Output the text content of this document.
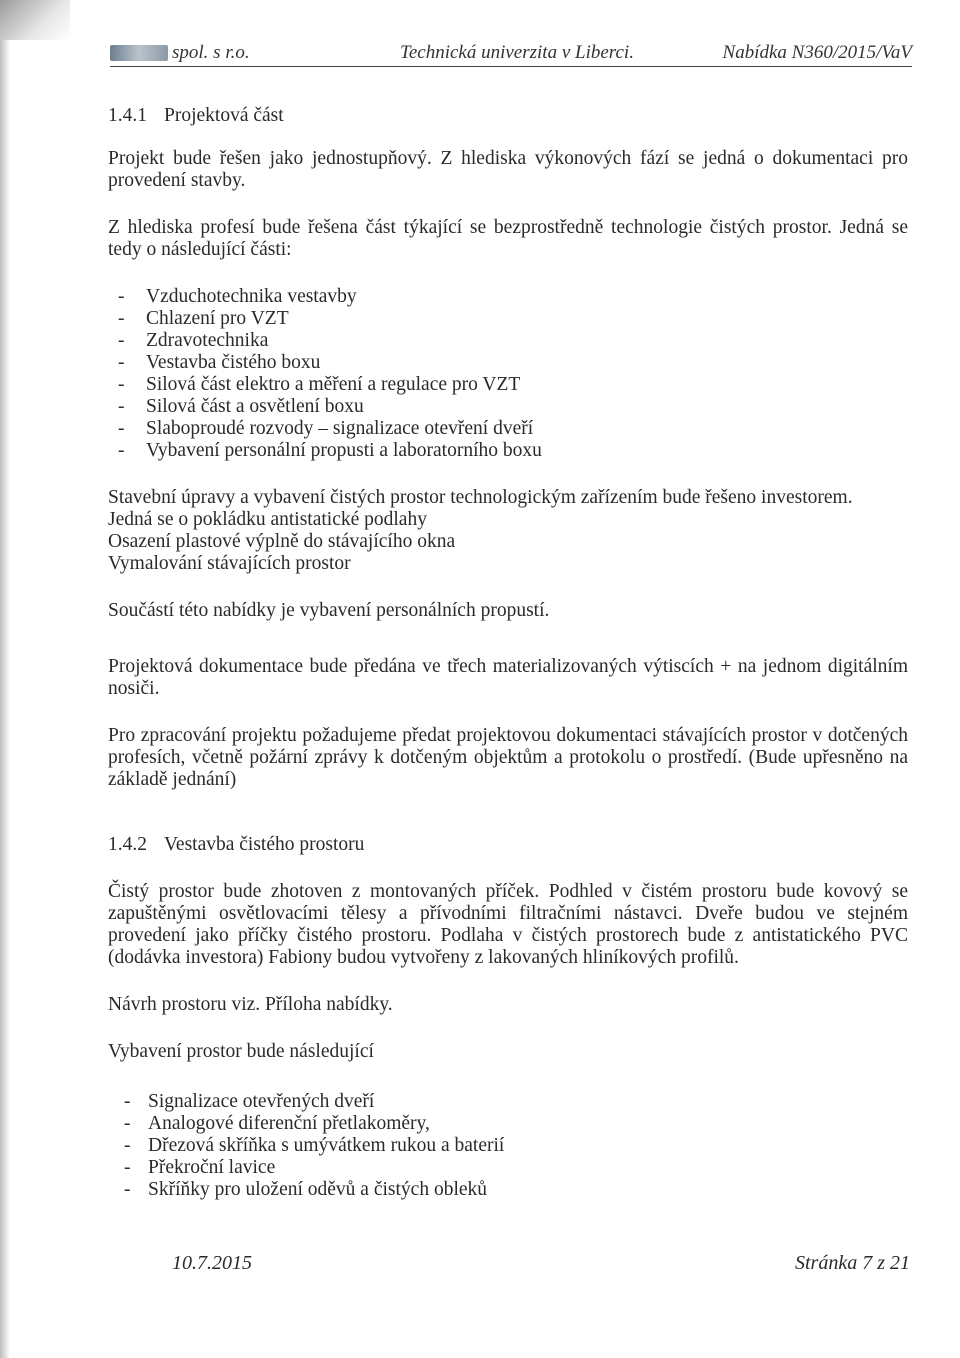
spol. s r.o.	Technická univerzita v Liberci.	Nabídka N360/2015/VaV
1.4.1 Projektová část

Projekt bude řešen jako jednostupňový. Z hlediska výkonových fází se jedná o dokumentaci pro provedení stavby.

Z hlediska profesí bude řešena část týkající se bezprostředně technologie čistých prostor. Jedná se tedy o následující části:

-	Vzduchotechnika vestavby
-	Chlazení pro VZT
-	Zdravotechnika
-	Vestavba čistého boxu
-	Silová část elektro a měření a regulace pro VZT
-	Silová část a osvětlení boxu
-	Slaboproudé rozvody – signalizace otevření dveří
-	Vybavení personální propusti a laboratorního boxu

Stavební úpravy a vybavení čistých prostor technologickým zařízením bude řešeno investorem.

Jedná se o pokládku antistatické podlahy

Osazení plastové výplně do stávajícího okna

Vymalování stávajících prostor

Součástí této nabídky je vybavení personálních propustí.

Projektová dokumentace bude předána ve třech materializovaných výtiscích + na jednom digitálním nosiči.

Pro zpracování projektu požadujeme předat projektovou dokumentaci stávajících prostor v dotčených profesích, včetně požární zprávy k dotčeným objektům a protokolu o prostředí. (Bude upřesněno na základě jednání)

1.4.2 Vestavba čistého prostoru

Čistý prostor bude zhotoven z montovaných příček. Podhled v čistém prostoru bude kovový se zapuštěnými osvětlovacími tělesy a přívodními filtračními nástavci. Dveře budou ve stejném provedení jako příčky čistého prostoru. Podlaha v čistých prostorech bude z antistatického PVC (dodávka investora) Fabiony budou vytvořeny z lakovaných hliníkových profilů.

Návrh prostoru viz. Příloha nabídky.

Vybavení prostor bude následující

- Signalizace otevřených dveří
- Analogové diferenční přetlakoměry,
- Dřezová skříňka s umývátkem rukou a baterií
- Překroční lavice
- Skříňky pro uložení oděvů a čistých obleků
10.7.2015	Stránka 7 z 21
